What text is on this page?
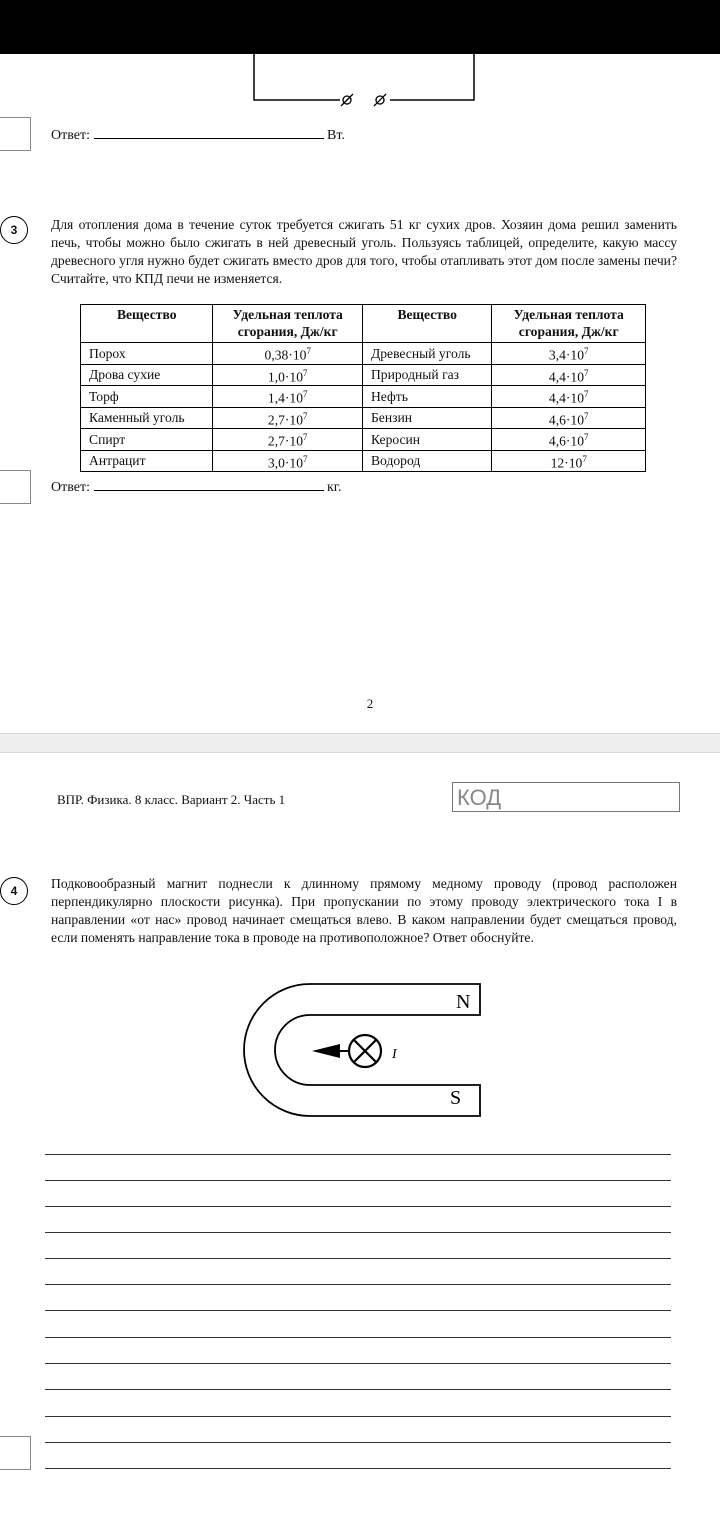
Ответ:	Вт.
3 Для отопления дома в течение суток требуется сжигать 51 кг сухих дров. Хозяин дома решил заменить печь, чтобы можно было сжигать в ней древесный уголь. Пользуясь таблицей, определите, какую массу древесного угля нужно будет сжигать вместо дров для того, чтобы отапливать этот дом после замены печи? Считайте, что КПД печи не изменяется.
Вещество	Удельная теплота сгорания, Дж/кг	Вещество	Удельная теплота сгорания, Дж/кг
Порох	$0,38\cdot 10^7$	Древесный уголь	$3,4\cdot 10^7$
Дрова сухие	$1,0\cdot 10^7$	Природный газ	$4,4\cdot 10^7$
Торф	$1,4\cdot 10^7$	Нефть	$4,4\cdot 10^7$
Каменный уголь	$2,7\cdot 10^7$	Бензин	$4,6\cdot 10^7$
Спирт	$2,7\cdot 10^7$	Керосин	$4,6\cdot 10^7$
Антрацит	$3,0\cdot 10^7$	Водород	$12\cdot 10^7$
Ответ:	кг.
2
ВПР. Физика. 8 класс. Вариант 2. Часть 1	КОД
4 Подковообразный магнит поднесли к длинному прямому медному проводу (провод расположен перпендикулярно плоскости рисунка). При пропускании по этому проводу электрического тока I в направлении «от нас» провод начинает смещаться влево. В каком направлении будет смещаться провод, если поменять направление тока в проводе на противоположное? Ответ обоснуйте.
N
S
I
